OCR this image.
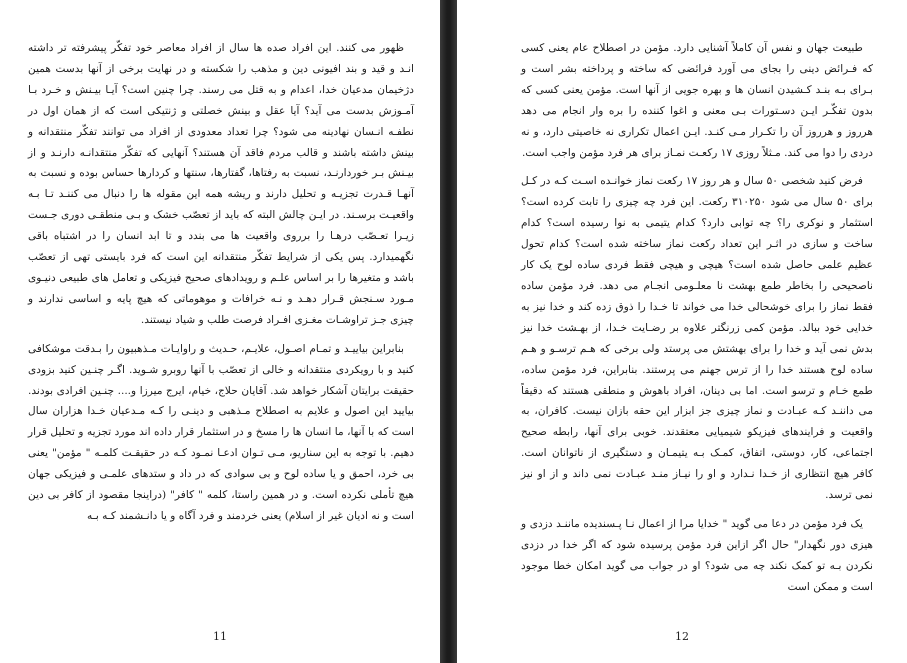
ظهور می کنند. این افراد صده ها سال از افراد معاصر خود تفکّر پیشرفته تر داشته انـد و قید و بند افیونی دین و مذهب را شکسته و در نهایت برخی از آنها بدست همین دژخیمان مدعیان خدا، اعدام و به قتل می رسند. چرا چنین است؟ آیـا بیـنش و خـرد بـا آمـوزش بدست می آید؟ آیا عقل و بینش خصلتی و ژنتیکی است که از همان اول در نطفـه انـسان نهادینه می شود؟ چرا تعداد معدودی از افراد می توانند تفکّر منتقدانه و بینش داشته باشند و قالب مردم فاقد آن هستند؟ آنهایی که تفکّر منتقدانـه دارنـد و از بیـنش بـر خوردارنـد، نسبت به رفتاها، گفتارها، سنتها و کردارها حساس بوده و نسبت به آنهـا قـدرت تجزیـه و تحلیل دارند و ریشه همه این مقوله ها را دنبال می کننـد تـا بـه واقعیـت برسـند. در ایـن چالش البته که باید از تعصّب خشک و بـی منطقـی دوری جـست زیـرا تعـصّب درهـا را برروی واقعیت ها می بندد و تا ابد انسان را در اشتباه باقی نگهمیدارد. پس یکی از شرایط تفکّر منتقدانه این است که فرد بایستی تهی از تعصّب باشد و متغیرها را بر اساس علـم و رویدادهای صحیح فیزیکی و تعامل های طبیعی دنیـوی مـورد سـنجش قـرار دهـد و نـه خرافات و موهوماتی که هیچ پایه و اساسی ندارند و چیزی جـز تراوشـات مغـزی افـراد فرصت طلب و شیاد نیستند.

بنابراین بیاییـد و تمـام اصـول، علایـم، حـدیث و راوایـات مـذهبیون را بـدقت موشکافی کنید و با رویکردی منتقدانه و خالی از تعصّب با آنها روبرو شـوید. اگـر چنـین کنید بزودی حقیقت برایتان آشکار خواهد شد. آقایان حلاج، خیام، ایرج میرزا و.... چنـین افرادی بودند. بیایید این اصول و علایم به اصطلاح مـذهبی و دینـی را کـه مـدعیان خـدا هزاران سال است که با آنها، ما انسان ها را مسخ و در استثمار قرار داده اند مورد تجزیه و تحلیل قرار دهیم. با توجه به این سناریو، مـی تـوان ادعـا نمـود کـه در حقیقـت کلمـه " مؤمن" یعنی بی خرد، احمق و یا ساده لوح و بی سوادی که در داد و ستدهای علمـی و فیزیکی جهان هیچ تأملی نکرده است. و در همین راستا، کلمه " کافر" (دراینجا مقصود از کافر بی دین است و نه ادیان غیر از اسلام) یعنی خردمند و فرد آگاه و یا دانـشمند کـه بـه

11

طبیعت جهان و نفس آن کاملاً آشنایی دارد. مؤمن در اصطلاح عام یعنی کسی که فـرائض دینی را بجای می آورد فرائضی که ساخته و پرداخته بشر است و بـرای بـه بنـد کـشیدن انسان ها و بهره جویی از آنها است. مؤمن یعنی کسی که بدون تفکّـر ایـن دسـتورات بـی معنی و اغوا کننده را بره وار انجام می دهد هرروز و هرروز آن را تکـرار مـی کنـد. ایـن اعمال تکراری نه خاصیتی دارد، و نه دردی را دوا می کند. مـثلاً روزی ۱۷ رکعـت نمـاز برای هر فرد مؤمن واجب است.

فرض کنید شخصی ۵۰ سال و هر روز ۱۷ رکعت نماز خوانـده اسـت کـه در کـل برای ۵۰ سال می شود ۳۱۰۲۵۰ رکعت. این فرد چه چیزی را تابت کرده است؟ استثمار و نوکری را؟ چه توابی دارد؟ کدام یتیمی به نوا رسیده است؟ کدام ساخت و سازی در اثـر این تعداد رکعت نماز ساخته شده است؟ کدام تحول عظیم علمی حاصل شده است؟ هیچی و هیچی فقط فردی ساده لوح یک کار ناصحیحی را بخاطر طمع بهشت نا معلـومی انجـام می دهد. فرد مؤمن ساده فقط نماز را برای خوشحالی خدا می خواند تا خـدا را ذوق زده کند و خدا نیز به خدایی خود ببالد. مؤمن کمی زرنگتر علاوه بر رضـایت خـدا، از بهـشت خدا نیز بدش نمی آید و خدا را برای بهشتش می پرستد ولی برخی که هـم ترسـو و هـم ساده لوح هستند خدا را از ترس جهنم می پرستند. بنابراین، فرد مؤمن ساده، طمع خـام و ترسو است. اما بی دینان، افراد باهوش و منطقی هستند که دقیقاً می داننـد کـه عبـادت و نماز چیزی جز ابزار این حقه بازان نیست. کافران، به واقعیت و فرایندهای فیزیکو شیمیایی معتقدند. خوبی برای آنها، رابطه صحیح اجتماعی، کار، دوستی، اتفاق، کمـک بـه یتیمـان و دستگیری از ناتوانان است. کافر هیچ انتظاری از خـدا نـدارد و او را نیـاز منـد عبـادت نمی داند و از او نیز نمی ترسد.

یک فرد مؤمن در دعا می گوید " خدایا مرا از اعمال نـا پـسندیده ماننـد دزدی و هیزی دور نگهدار" حال اگر ازاین فرد مؤمن پرسیده شود که اگر خدا در دزدی نکردن بـه تو کمک نکند چه می شود؟ او در جواب می گوید امکان خطا موجود است و ممکن است

12
